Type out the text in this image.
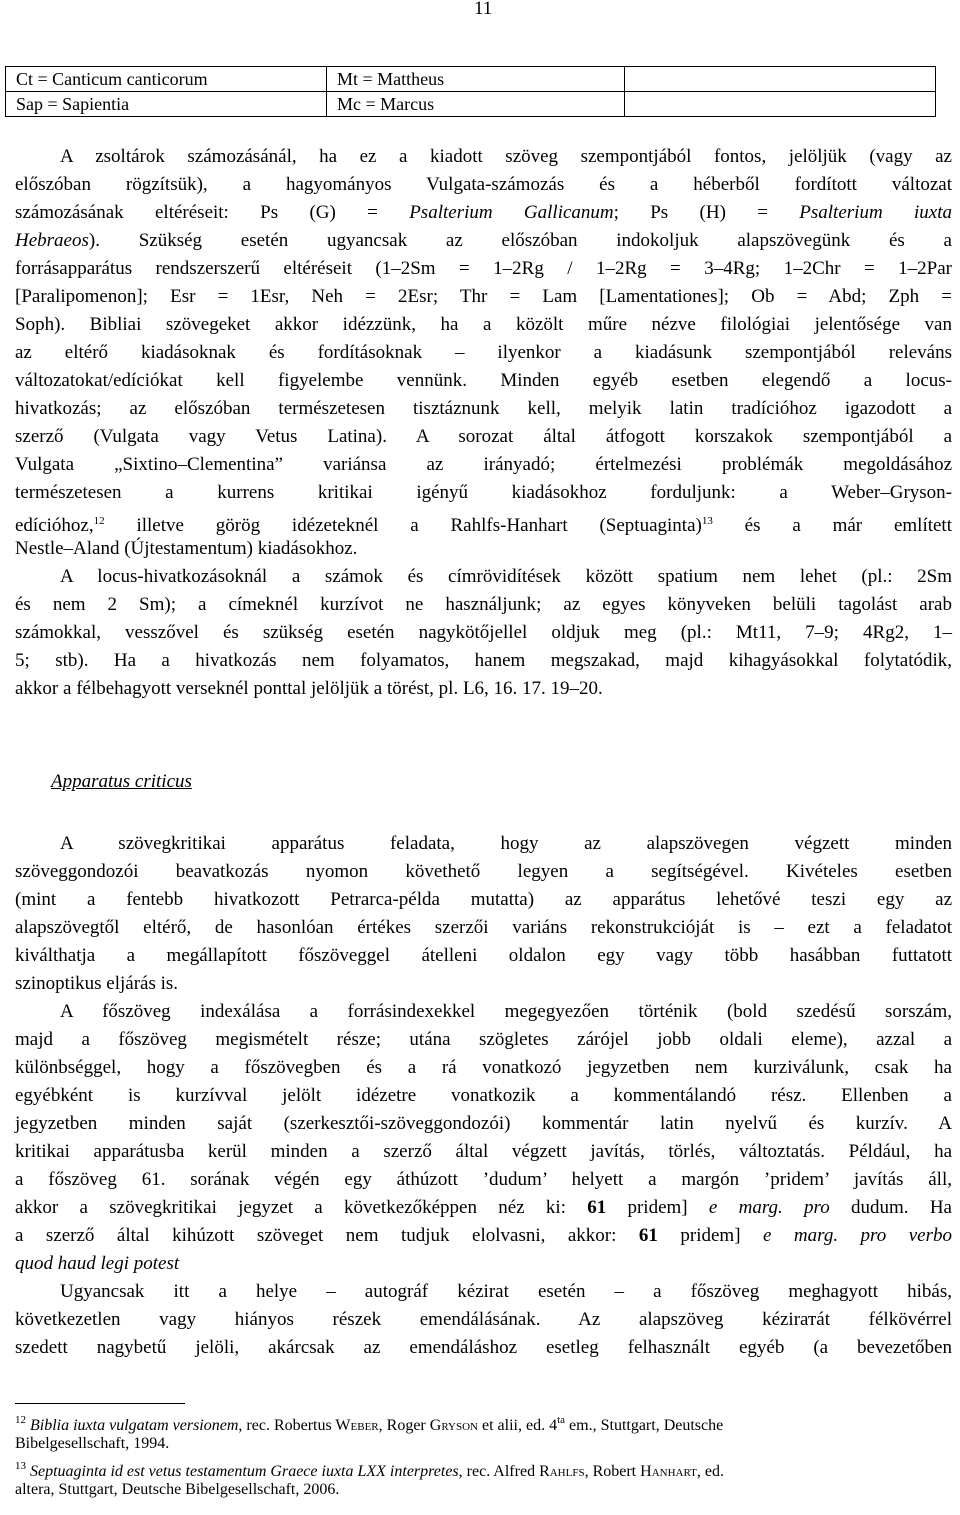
11
Ct = Canticum canticorum	Mt = Mattheus	
Sap = Sapientia	Mc = Marcus	
A zsoltárok számozásánál, ha ez a kiadott szöveg szempontjából fontos, jelöljük (vagy az
előszóban rögzítsük), a hagyományos Vulgata-számozás és a héberből fordított változat
számozásának eltéréseit: Ps (G) = Psalterium Gallicanum; Ps (H) = Psalterium iuxta
Hebraeos). Szükség esetén ugyancsak az előszóban indokoljuk alapszövegünk és a
forrásapparátus rendszerszerű eltéréseit (1–2Sm = 1–2Rg / 1–2Rg = 3–4Rg; 1–2Chr = 1–2Par
[Paralipomenon]; Esr = 1Esr, Neh = 2Esr; Thr = Lam [Lamentationes]; Ob = Abd; Zph =
Soph). Bibliai szövegeket akkor idézzünk, ha a közölt műre nézve filológiai jelentősége van
az eltérő kiadásoknak és fordításoknak – ilyenkor a kiadásunk szempontjából releváns
változatokat/edíciókat kell figyelembe vennünk. Minden egyéb esetben elegendő a locus-
hivatkozás; az előszóban természetesen tisztáznunk kell, melyik latin tradícióhoz igazodott a
szerző (Vulgata vagy Vetus Latina). A sorozat által átfogott korszakok szempontjából a
Vulgata „Sixtino–Clementina” variánsa az irányadó; értelmezési problémák megoldásához
természetesen a kurrens kritikai igényű kiadásokhoz forduljunk: a Weber–Gryson-
edícióhoz,$^{12}$ illetve görög idézeteknél a Rahlfs-Hanhart (Septuaginta)$^{13}$ és a már említett
Nestle–Aland (Újtestamentum) kiadásokhoz.
A locus-hivatkozásoknál a számok és címrövidítések között spatium nem lehet (pl.: 2Sm
és nem 2 Sm); a címeknél kurzívot ne használjunk; az egyes könyveken belüli tagolást arab
számokkal, vesszővel és szükség esetén nagykötőjellel oldjuk meg (pl.: Mt11, 7–9; 4Rg2, 1–
5; stb). Ha a hivatkozás nem folyamatos, hanem megszakad, majd kihagyásokkal folytatódik,
akkor a félbehagyott verseknél ponttal jelöljük a törést, pl. L6, 16. 17. 19–20.
Apparatus criticus
A szövegkritikai apparátus feladata, hogy az alapszövegen végzett minden
szöveggondozói beavatkozás nyomon követhető legyen a segítségével. Kivételes esetben
(mint a fentebb hivatkozott Petrarca-példa mutatta) az apparátus lehetővé teszi egy az
alapszövegtől eltérő, de hasonlóan értékes szerzői variáns rekonstrukcióját is – ezt a feladatot
kiválthatja a megállapított főszöveggel átelleni oldalon egy vagy több hasábban futtatott
szinoptikus eljárás is.
A főszöveg indexálása a forrásindexekkel megegyezően történik (bold szedésű sorszám,
majd a főszöveg megismételt része; utána szögletes zárójel jobb oldali eleme), azzal a
különbséggel, hogy a főszövegben és a rá vonatkozó jegyzetben nem kurziválunk, csak ha
egyébként is kurzívval jelölt idézetre vonatkozik a kommentálandó rész. Ellenben a
jegyzetben minden saját (szerkesztői-szöveggondozói) kommentár latin nyelvű és kurzív. A
kritikai apparátusba kerül minden a szerző által végzett javítás, törlés, változtatás. Például, ha
a főszöveg 61. sorának végén egy áthúzott ’dudum’ helyett a margón ’pridem’ javítás áll,
akkor a szövegkritikai jegyzet a következőképpen néz ki: 61 pridem] e marg. pro dudum. Ha
a szerző által kihúzott szöveget nem tudjuk elolvasni, akkor: 61 pridem] e marg. pro verbo
quod haud legi potest
Ugyancsak itt a helye – autográf kézirat esetén – a főszöveg meghagyott hibás,
következetlen vagy hiányos részek emendálásának. Az alapszöveg kézirатát félkövérrel
szedett nagybetű jelöli, akárcsak az emendáláshoz esetleg felhasznált egyéb (a bevezetőben
$^{12}$ Biblia iuxta vulgatam versionem, rec. Robertus Weber, Roger Gryson et alii, ed. $4^{ta}$ em., Stuttgart, Deutsche
Bibelgesellschaft, 1994.
$^{13}$ Septuaginta id est vetus testamentum Graece iuxta LXX interpretes, rec. Alfred Rahlfs, Robert Hanhart, ed.
altera, Stuttgart, Deutsche Bibelgesellschaft, 2006.
